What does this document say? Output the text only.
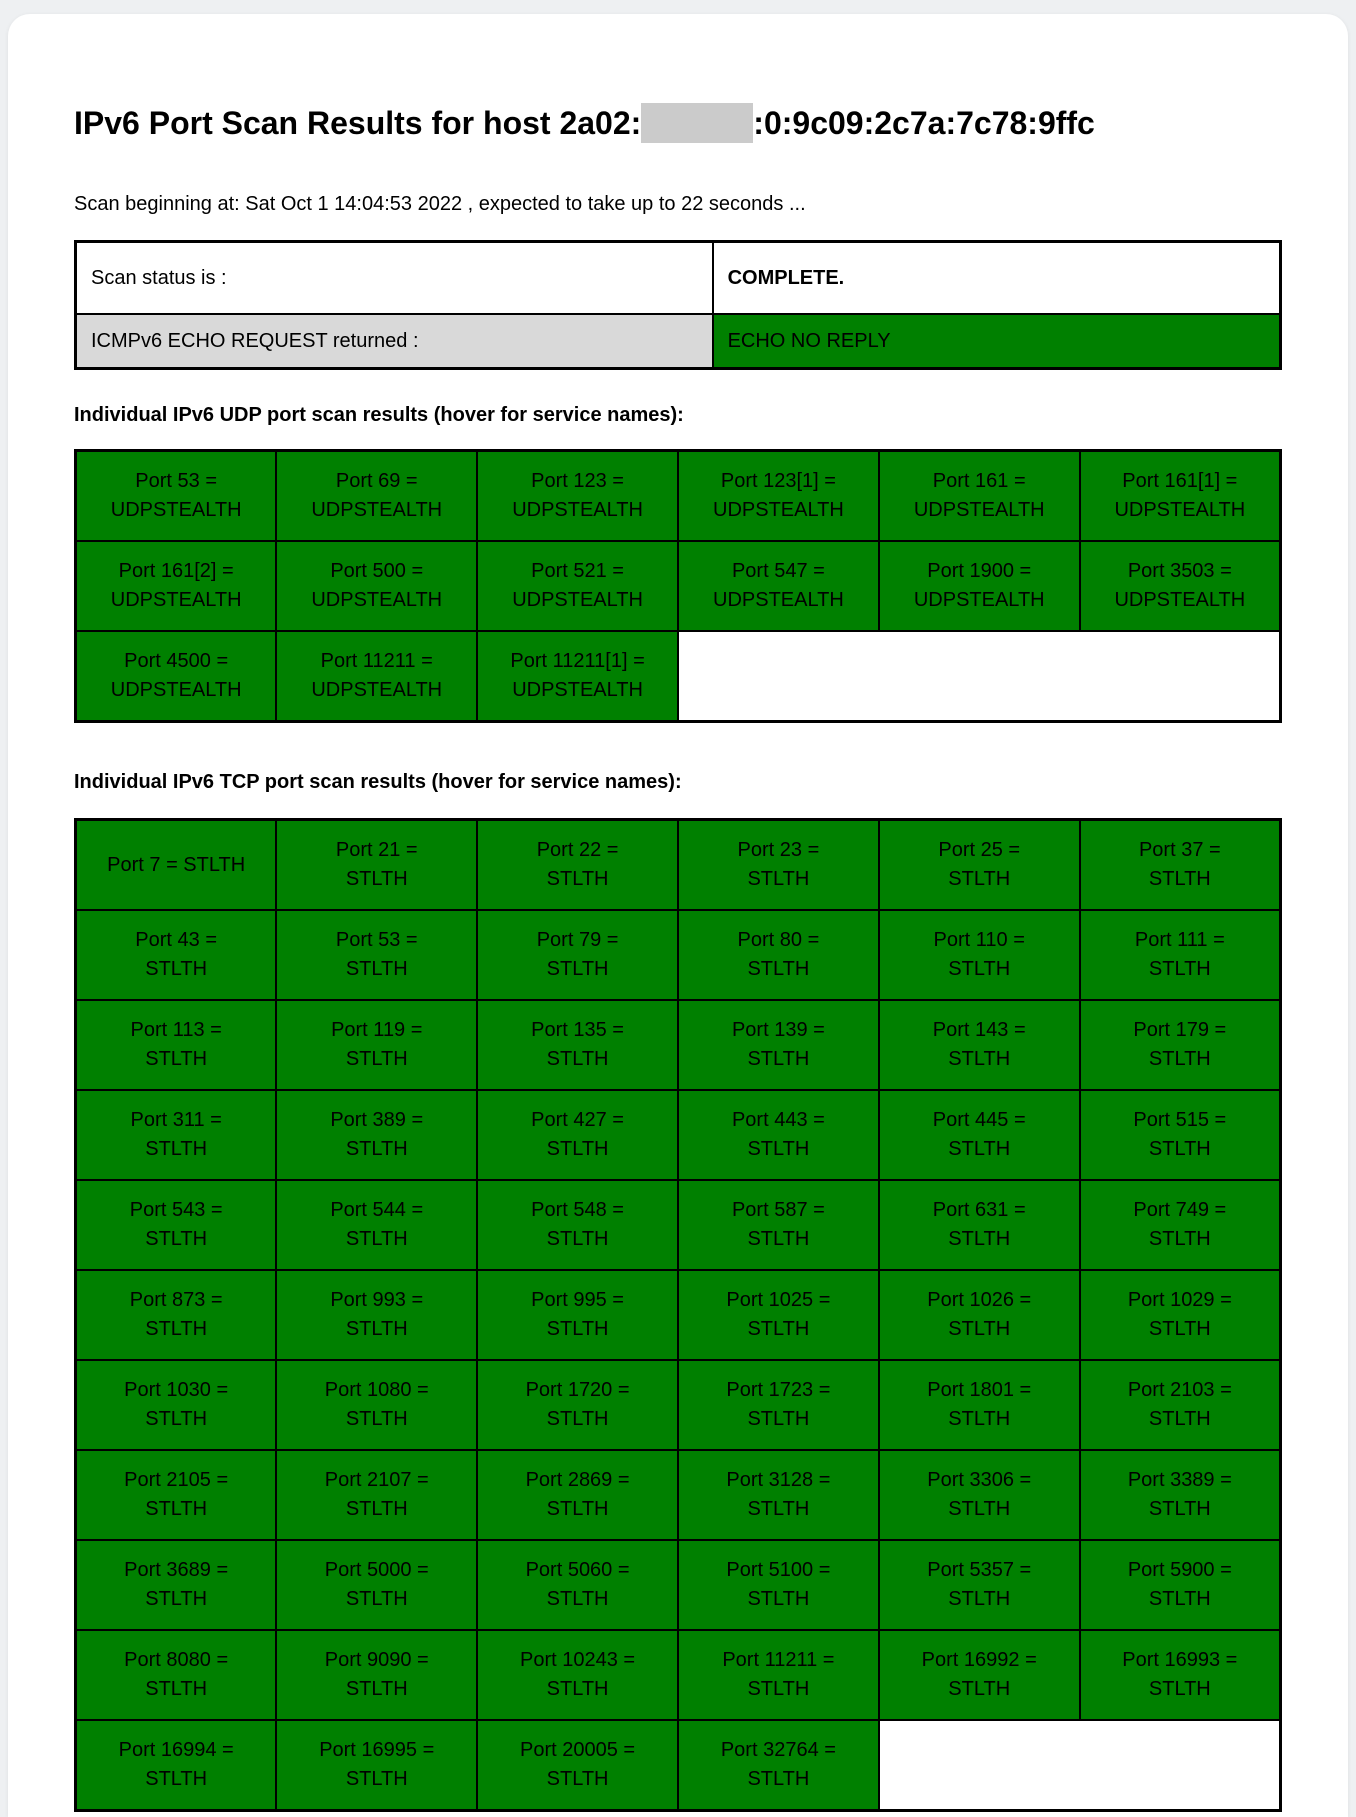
IPv6 Port Scan Results for host 2a02:	:0:9c09:2c7a:7c78:9ffc

Scan beginning at: Sat Oct 1 14:04:53 2022 , expected to take up to 22 seconds ...

Scan status is :	COMPLETE.
ICMPv6 ECHO REQUEST returned :	ECHO NO REPLY
Individual IPv6 UDP port scan results (hover for service names):
Port 53 =
UDPSTEALTH	Port 69 =
UDPSTEALTH	Port 123 =
UDPSTEALTH	Port 123[1] =
UDPSTEALTH	Port 161 =
UDPSTEALTH	Port 161[1] =
UDPSTEALTH
Port 161[2] =
UDPSTEALTH	Port 500 =
UDPSTEALTH	Port 521 =
UDPSTEALTH	Port 547 =
UDPSTEALTH	Port 1900 =
UDPSTEALTH	Port 3503 =
UDPSTEALTH
Port 4500 =
UDPSTEALTH	Port 11211 =
UDPSTEALTH	Port 11211[1] =
UDPSTEALTH			
Individual IPv6 TCP port scan results (hover for service names):
Port 7 = STLTH	Port 21 =
STLTH	Port 22 =
STLTH	Port 23 =
STLTH	Port 25 =
STLTH	Port 37 =
STLTH
Port 43 =
STLTH	Port 53 =
STLTH	Port 79 =
STLTH	Port 80 =
STLTH	Port 110 =
STLTH	Port 111 =
STLTH
Port 113 =
STLTH	Port 119 =
STLTH	Port 135 =
STLTH	Port 139 =
STLTH	Port 143 =
STLTH	Port 179 =
STLTH
Port 311 =
STLTH	Port 389 =
STLTH	Port 427 =
STLTH	Port 443 =
STLTH	Port 445 =
STLTH	Port 515 =
STLTH
Port 543 =
STLTH	Port 544 =
STLTH	Port 548 =
STLTH	Port 587 =
STLTH	Port 631 =
STLTH	Port 749 =
STLTH
Port 873 =
STLTH	Port 993 =
STLTH	Port 995 =
STLTH	Port 1025 =
STLTH	Port 1026 =
STLTH	Port 1029 =
STLTH
Port 1030 =
STLTH	Port 1080 =
STLTH	Port 1720 =
STLTH	Port 1723 =
STLTH	Port 1801 =
STLTH	Port 2103 =
STLTH
Port 2105 =
STLTH	Port 2107 =
STLTH	Port 2869 =
STLTH	Port 3128 =
STLTH	Port 3306 =
STLTH	Port 3389 =
STLTH
Port 3689 =
STLTH	Port 5000 =
STLTH	Port 5060 =
STLTH	Port 5100 =
STLTH	Port 5357 =
STLTH	Port 5900 =
STLTH
Port 8080 =
STLTH	Port 9090 =
STLTH	Port 10243 =
STLTH	Port 11211 =
STLTH	Port 16992 =
STLTH	Port 16993 =
STLTH
Port 16994 =
STLTH	Port 16995 =
STLTH	Port 20005 =
STLTH	Port 32764 =
STLTH		
